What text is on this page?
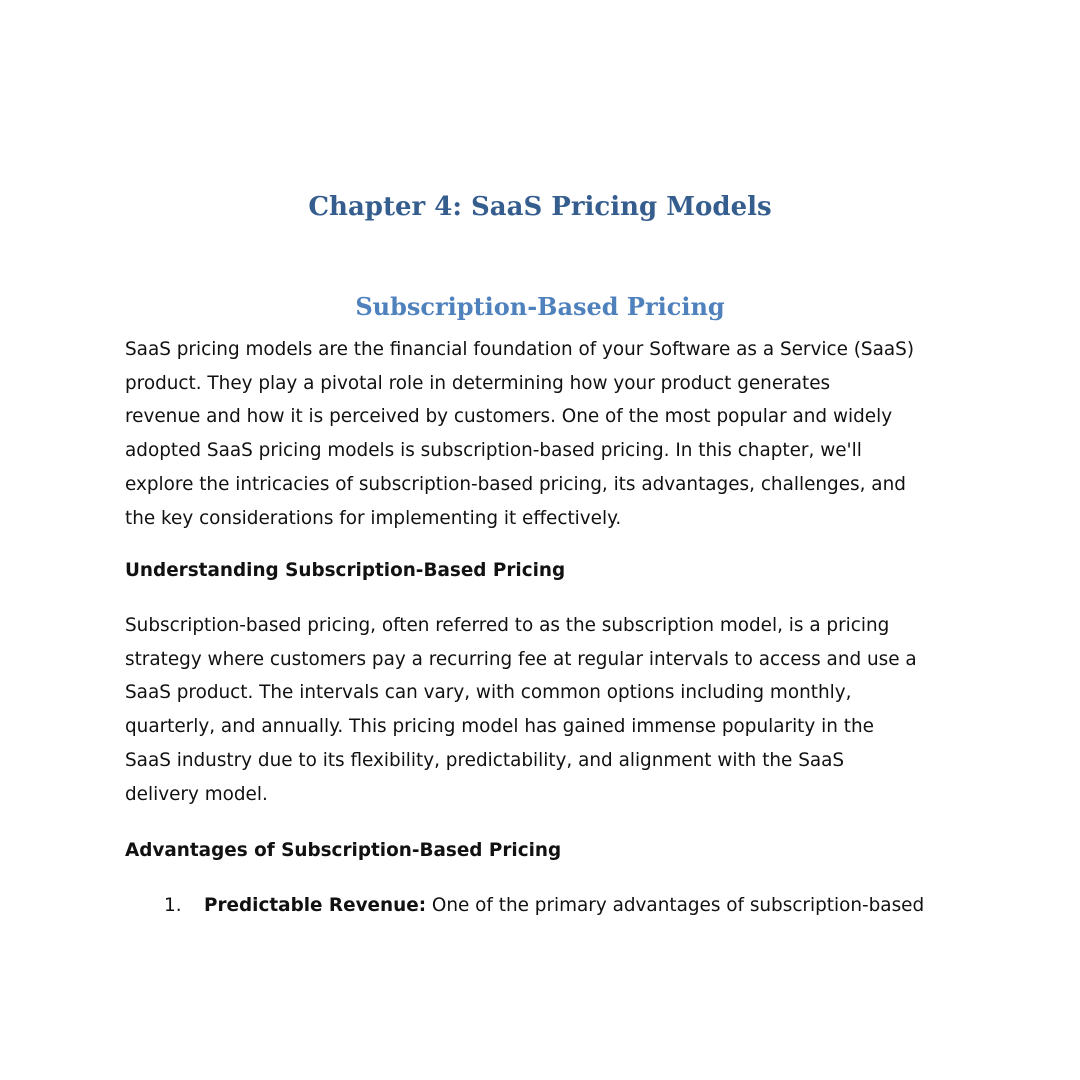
Chapter 4: SaaS Pricing Models
Subscription-Based Pricing

SaaS pricing models are the financial foundation of your Software as a Service (SaaS)
product. They play a pivotal role in determining how your product generates
revenue and how it is perceived by customers. One of the most popular and widely
adopted SaaS pricing models is subscription-based pricing. In this chapter, we'll
explore the intricacies of subscription-based pricing, its advantages, challenges, and
the key considerations for implementing it effectively.

Understanding Subscription-Based Pricing

Subscription-based pricing, often referred to as the subscription model, is a pricing
strategy where customers pay a recurring fee at regular intervals to access and use a
SaaS product. The intervals can vary, with common options including monthly,
quarterly, and annually. This pricing model has gained immense popularity in the
SaaS industry due to its flexibility, predictability, and alignment with the SaaS
delivery model.

Advantages of Subscription-Based Pricing
1. Predictable Revenue: One of the primary advantages of subscription-based
